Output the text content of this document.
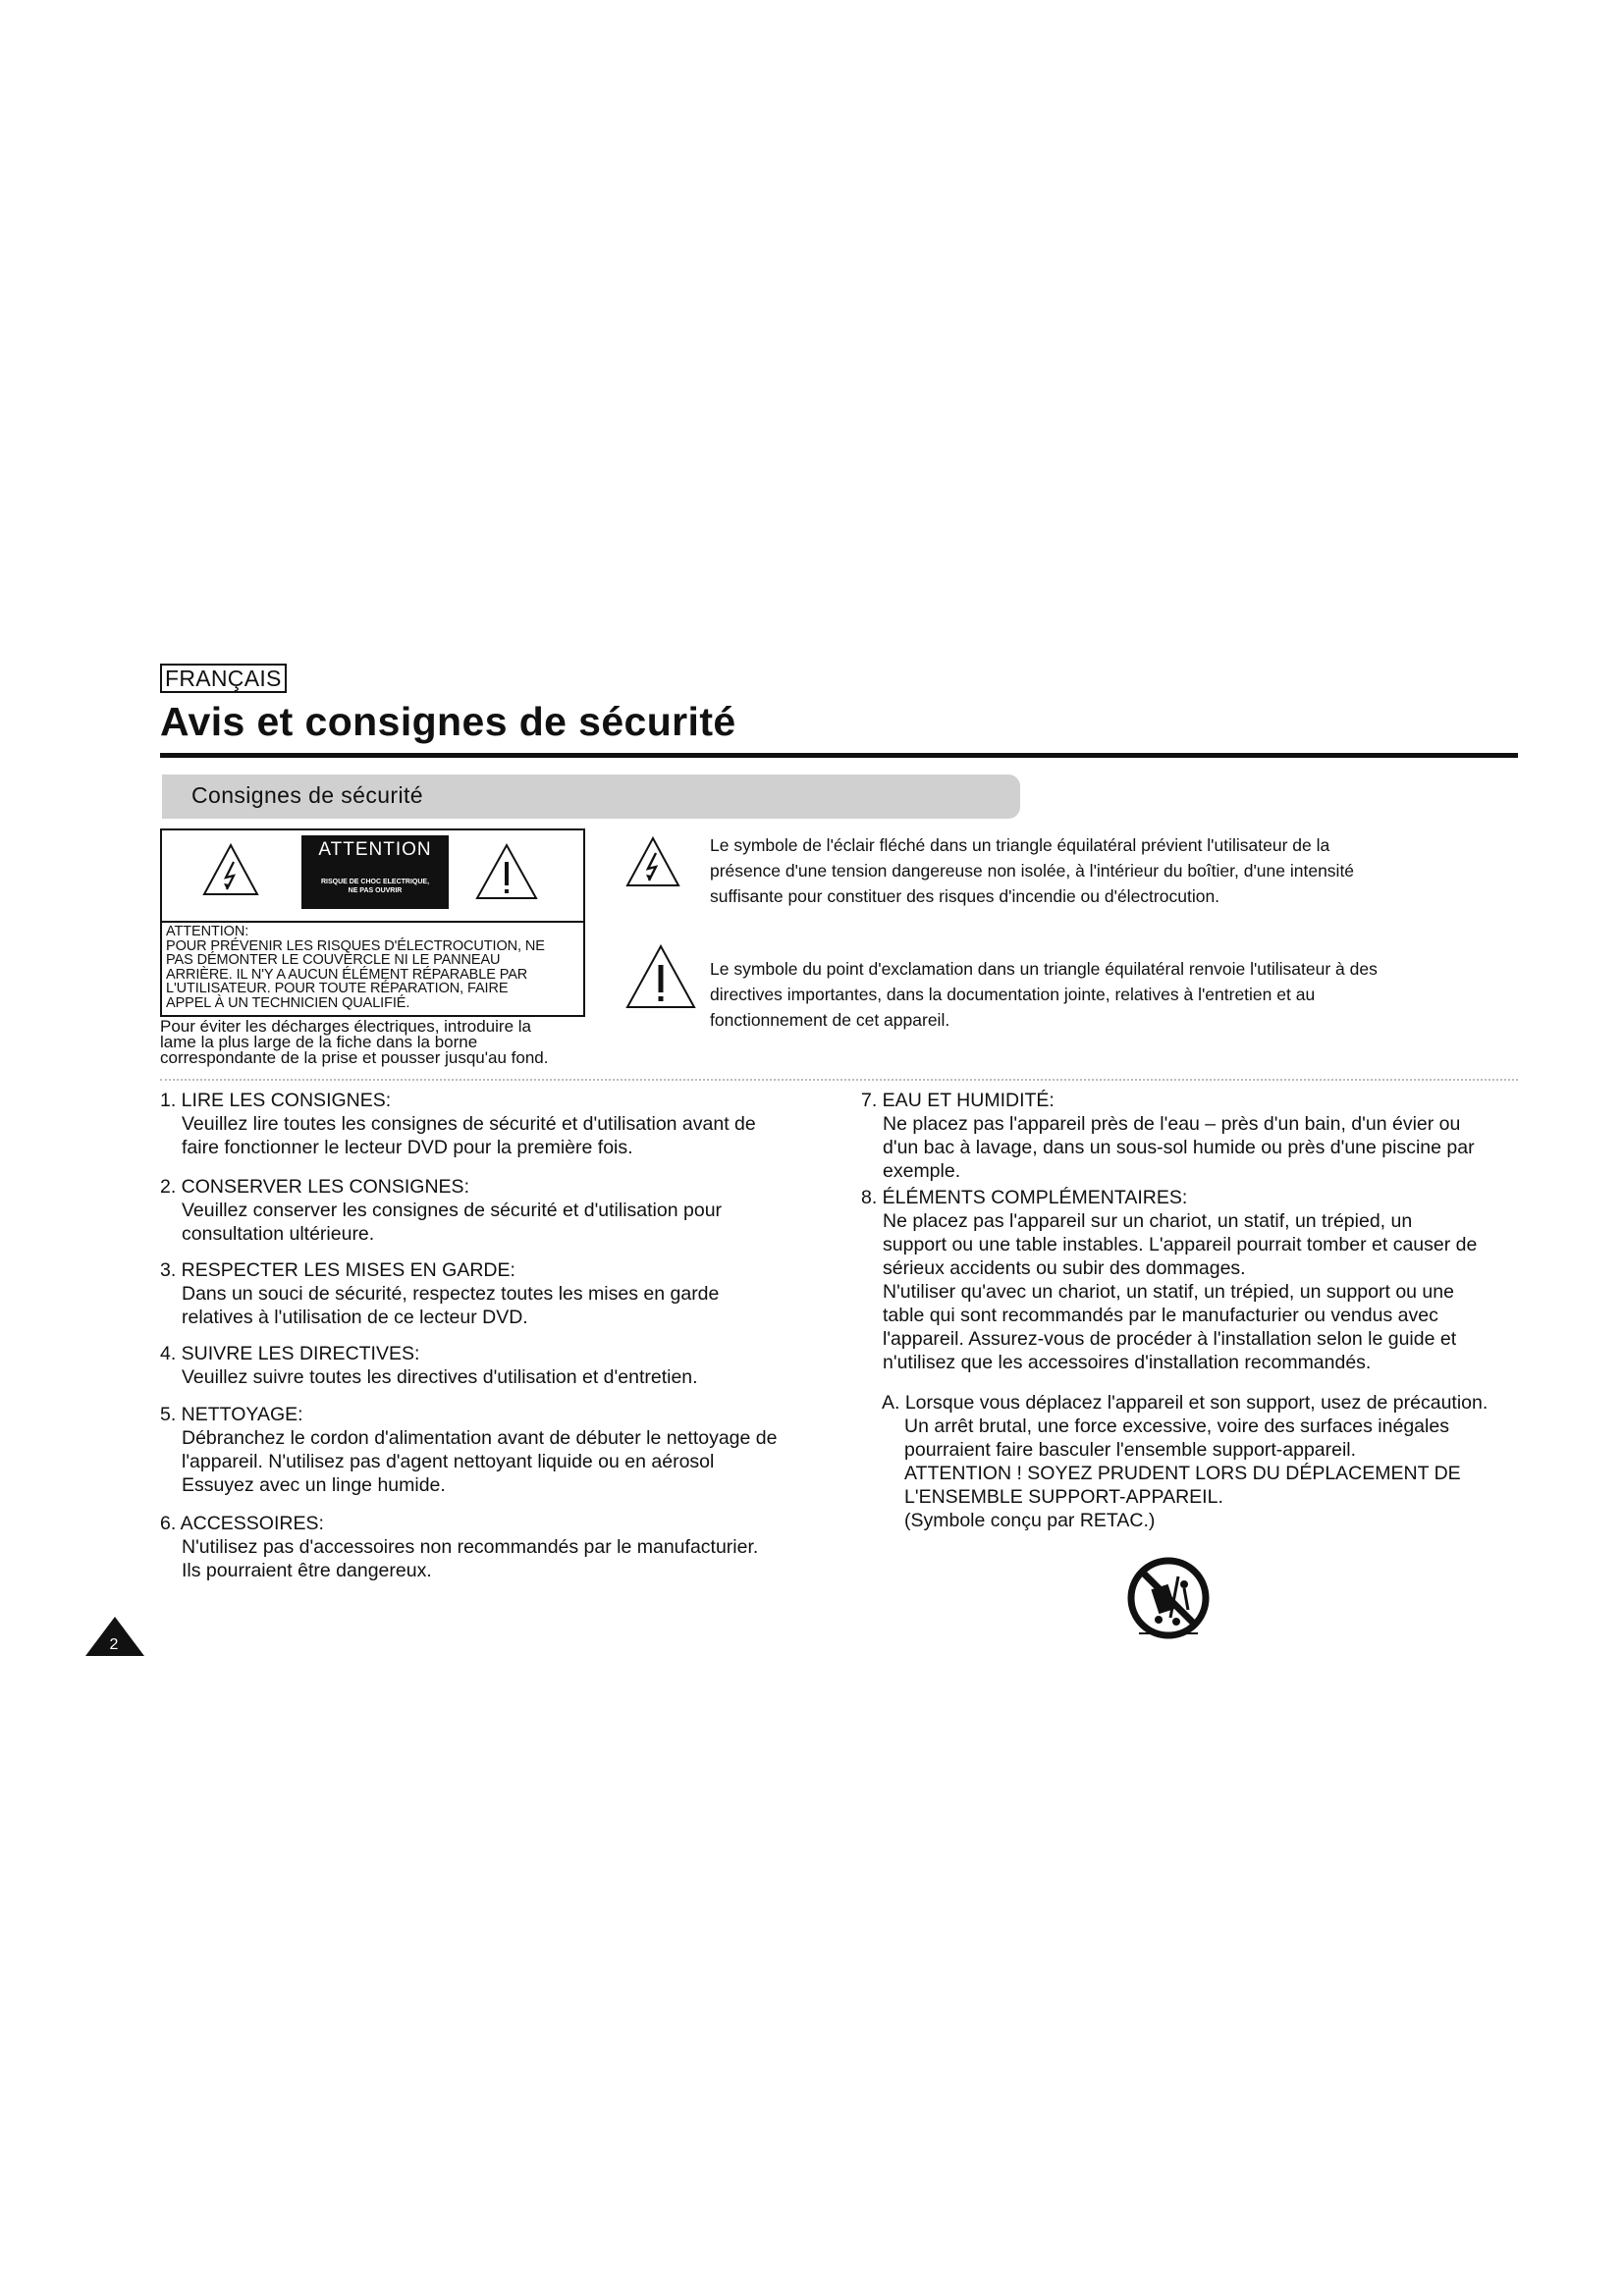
FRANÇAIS
Avis et consignes de sécurité
Consignes de sécurité
ATTENTION
RISQUE DE CHOC ELECTRIQUE,
NE PAS OUVRIR
ATTENTION:
POUR PRÉVENIR LES RISQUES D'ÉLECTROCUTION, NE
PAS DÉMONTER LE COUVERCLE NI LE PANNEAU
ARRIÈRE. IL N'Y A AUCUN ÉLÉMENT RÉPARABLE PAR
L'UTILISATEUR. POUR TOUTE RÉPARATION, FAIRE
APPEL À UN TECHNICIEN QUALIFIÉ.
Pour éviter les décharges électriques, introduire la
lame la plus large de la fiche dans la borne
correspondante de la prise et pousser jusqu'au fond.
Le symbole de l'éclair fléché dans un triangle équilatéral prévient l'utilisateur de la
présence d'une tension dangereuse non isolée, à l'intérieur du boîtier, d'une intensité
suffisante pour constituer des risques d'incendie ou d'électrocution.
Le symbole du point d'exclamation dans un triangle équilatéral renvoie l'utilisateur à des
directives importantes, dans la documentation jointe, relatives à l'entretien et au
fonctionnement de cet appareil.
1. LIRE LES CONSIGNES:
Veuillez lire toutes les consignes de sécurité et d'utilisation avant de
faire fonctionner le lecteur DVD pour la première fois.
2. CONSERVER LES CONSIGNES:
Veuillez conserver les consignes de sécurité et d'utilisation pour
consultation ultérieure.
3. RESPECTER LES MISES EN GARDE:
Dans un souci de sécurité, respectez toutes les mises en garde
relatives à l'utilisation de ce lecteur DVD.
4. SUIVRE LES DIRECTIVES:
Veuillez suivre toutes les directives d'utilisation et d'entretien.
5. NETTOYAGE:
Débranchez le cordon d'alimentation avant de débuter le nettoyage de
l'appareil. N'utilisez pas d'agent nettoyant liquide ou en aérosol
Essuyez avec un linge humide.
6. ACCESSOIRES:
N'utilisez pas d'accessoires non recommandés par le manufacturier.
Ils pourraient être dangereux.
7. EAU ET HUMIDITÉ:
Ne placez pas l'appareil près de l'eau – près d'un bain, d'un évier ou
d'un bac à lavage, dans un sous-sol humide ou près d'une piscine par
exemple.
8. ÉLÉMENTS COMPLÉMENTAIRES:
Ne placez pas l'appareil sur un chariot, un statif, un trépied, un
support ou une table instables. L'appareil pourrait tomber et causer de
sérieux accidents ou subir des dommages.
N'utiliser qu'avec un chariot, un statif, un trépied, un support ou une
table qui sont recommandés par le manufacturier ou vendus avec
l'appareil. Assurez-vous de procéder à l'installation selon le guide et
n'utilisez que les accessoires d'installation recommandés.
A. Lorsque vous déplacez l'appareil et son support, usez de précaution.
Un arrêt brutal, une force excessive, voire des surfaces inégales
pourraient faire basculer l'ensemble support-appareil.
ATTENTION ! SOYEZ PRUDENT LORS DU DÉPLACEMENT DE
L'ENSEMBLE SUPPORT-APPAREIL.
(Symbole conçu par RETAC.)
2
